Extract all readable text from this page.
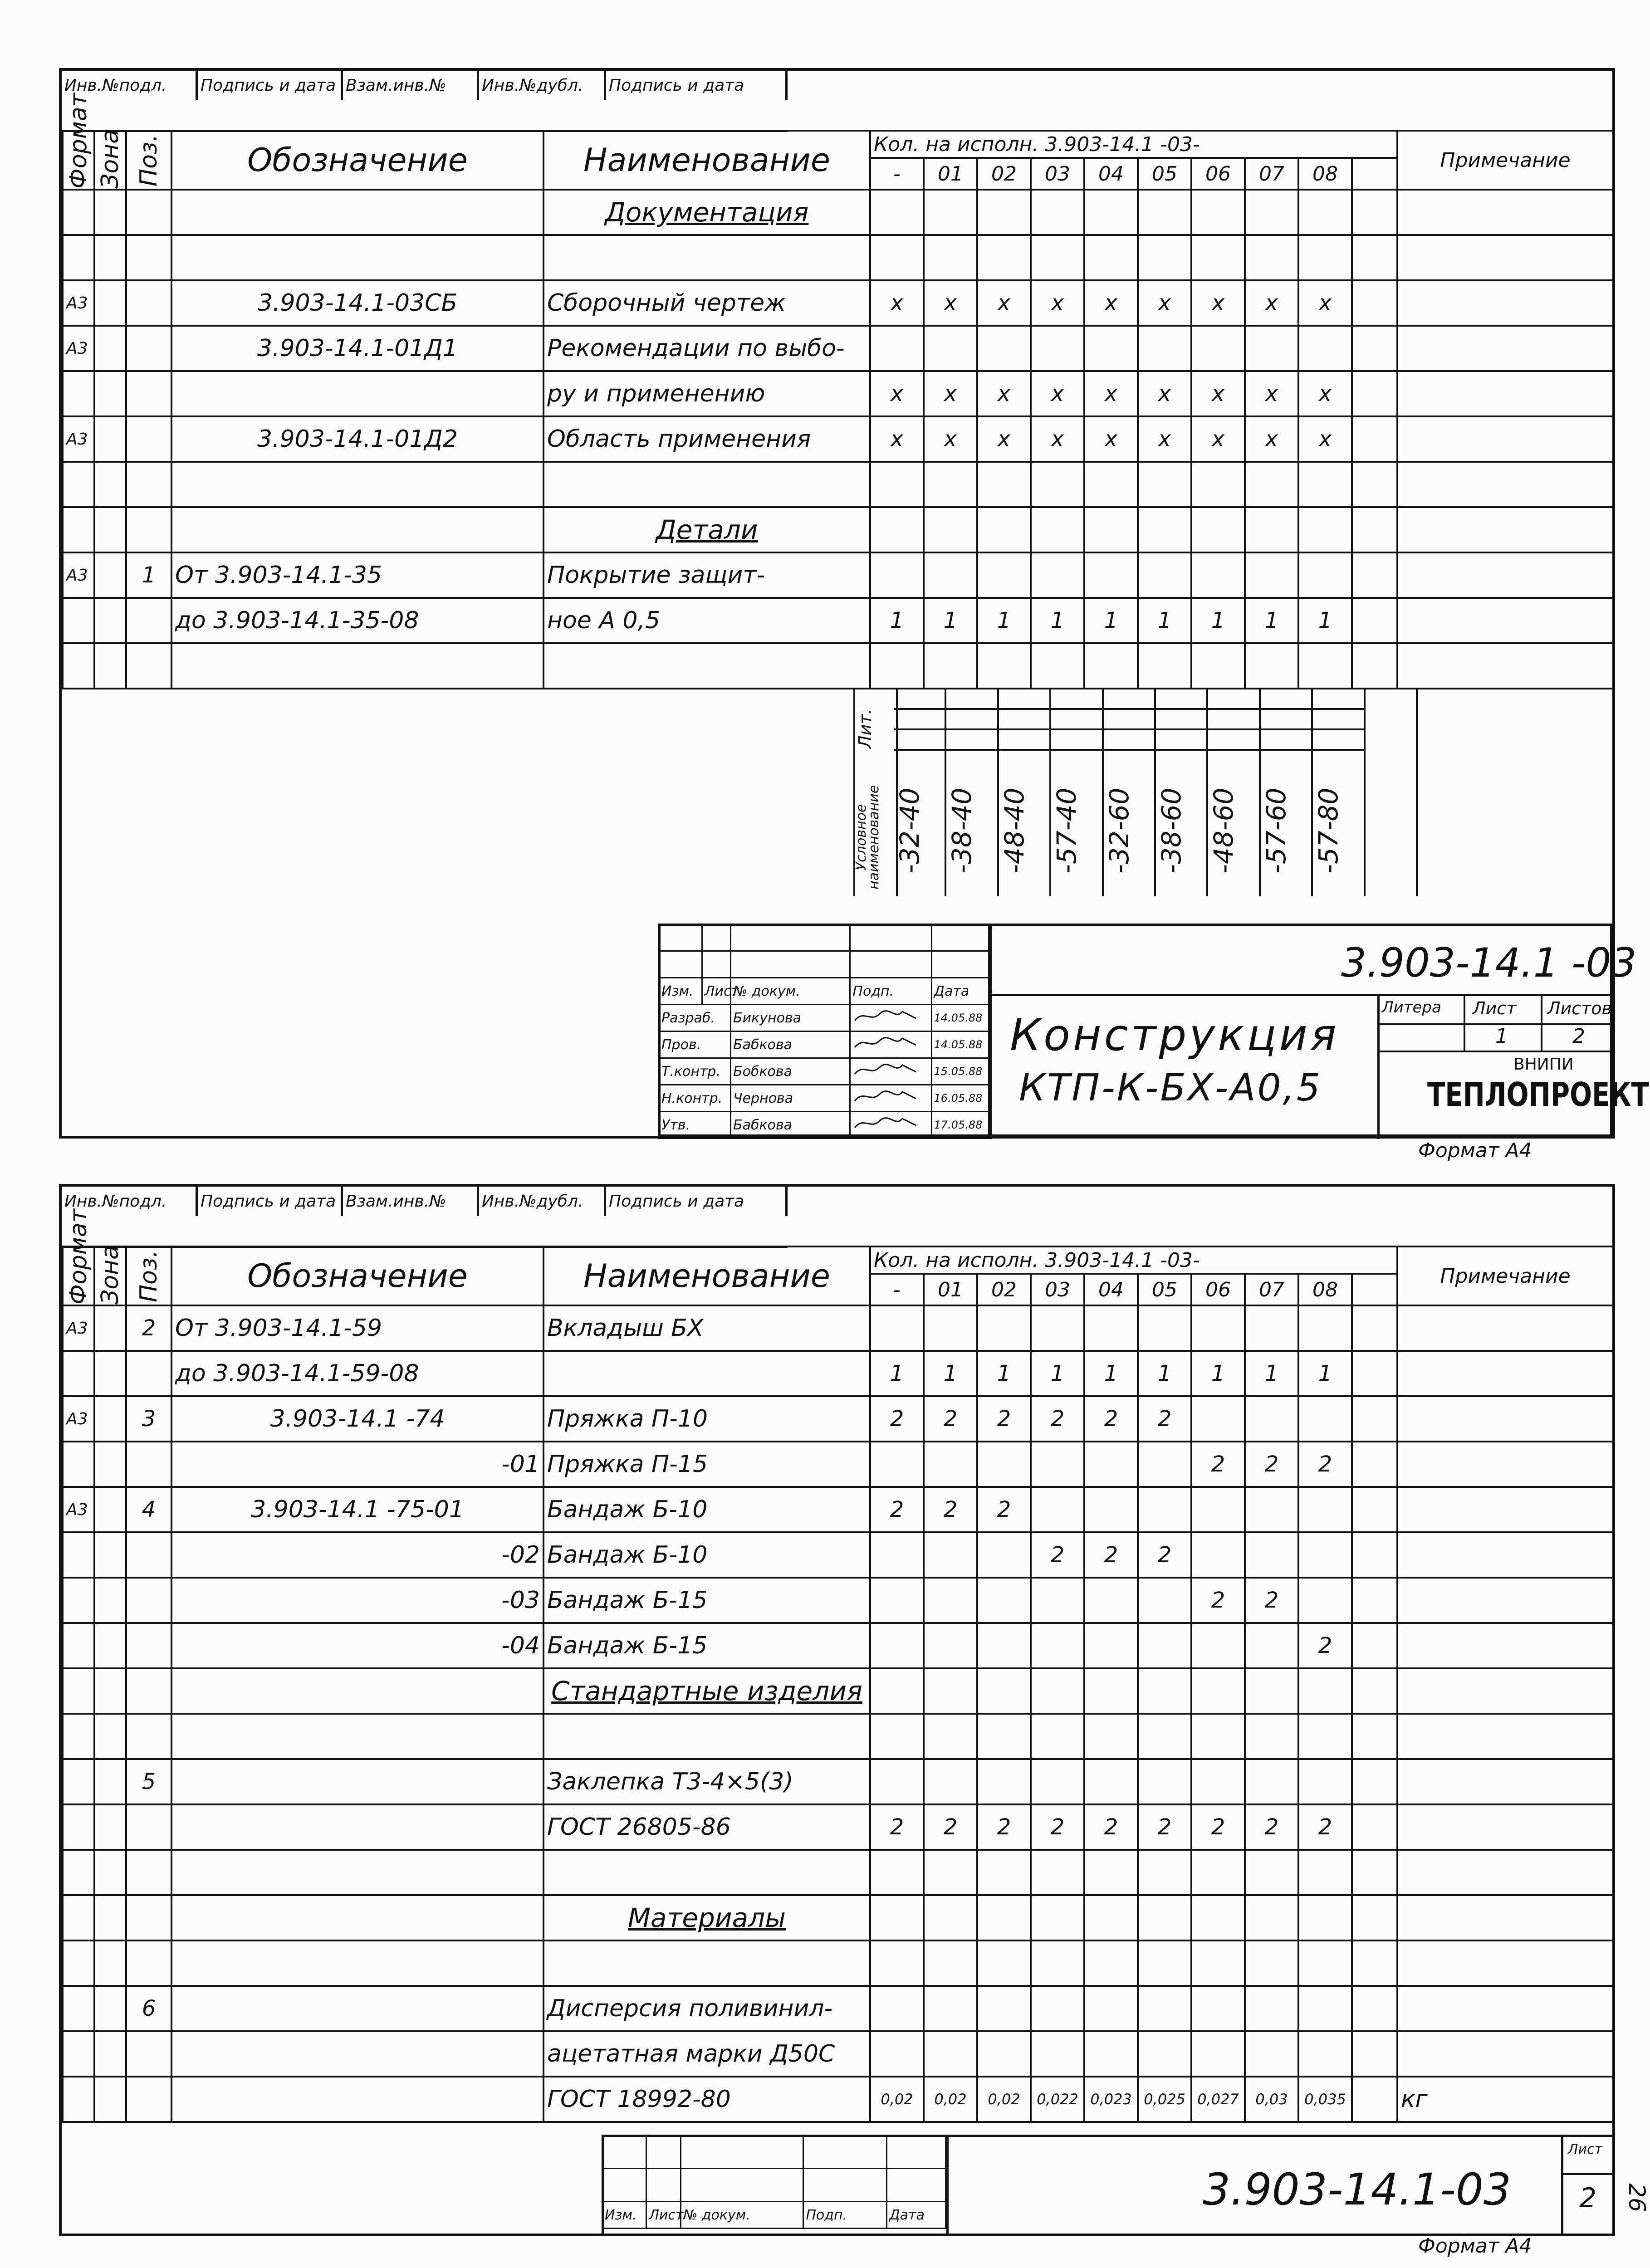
Инв.№подл.	Подпись и дата Взам.инв.№	Инв.№дубл.	Подпись и дата
Формат	Зона	Поз.	Обозначение	Наименование	Кол. на исполн. 3.903-14.1 -03-										Примечание
					-	01	02	03	04	05	06	07	08		
				Документация											

А3			3.903-14.1-03СБ	Сборочный чертеж	х	х	х	х	х	х	х	х	х		
А3			3.903-14.1-01Д1	Рекомендации по выбо-											
				ру и применению	х	х	х	х	х	х	х	х	х		
А3			3.903-14.1-01Д2	Область применения	х	х	х	х	х	х	х	х	х		

				Детали											
А3		1	От 3.903-14.1-35	Покрытие защит-											
			до 3.903-14.1-35-08	ное А 0,5	1	1	1	1	1	1	1	1	1		

Лит.
Условное наименование -32-40 -38-40 -48-40 -57-40 -32-60 -38-60 -48-60 -57-60 -57-80

Изм.	Лист	№ докум.	Подп.	Дата
Разраб.		Бикунова		14.05.88
Пров.		Бабкова		14.05.88
Т.контр.		Бобкова		15.05.88
Н.контр.		Чернова		16.05.88
Утв.		Бабкова		17.05.88
3.903-14.1 -03
Конструкция
КТП-К-БХ-А0,5
Литера Лист Листов
1	2
ВНИПИ
ТЕПЛОПРОЕКТ
Формат А4
Инв.№подл.	Подпись и дата Взам.инв.№	Инв.№дубл.	Подпись и дата
Формат	Зона	Поз.	Обозначение	Наименование	Кол. на исполн. 3.903-14.1 -03-										Примечание
					-	01	02	03	04	05	06	07	08		
А3		2	От 3.903-14.1-59	Вкладыш БХ											
			до 3.903-14.1-59-08		1	1	1	1	1	1	1	1	1		
А3		3	3.903-14.1 -74	Пряжка П-10	2	2	2	2	2	2					
			-01	Пряжка П-15							2	2	2		
А3		4	3.903-14.1 -75-01	Бандаж Б-10	2	2	2								
			-02	Бандаж Б-10				2	2	2					
			-03	Бандаж Б-15							2	2			
			-04	Бандаж Б-15									2		
				Стандартные изделия											

		5		Заклепка Т3-4×5(3)											
				ГОСТ 26805-86	2	2	2	2	2	2	2	2	2		

				Материалы											

		6		Дисперсия поливинил-											
				ацетатная марки Д50С											
				ГОСТ 18992-80	0,02	0,02	0,02	0,022	0,023	0,025	0,027	0,03	0,035		кг

Изм.	Лист	№ докум.	Подп.	Дата	3.903-14.1-03
Лист
2
Формат А4
26
